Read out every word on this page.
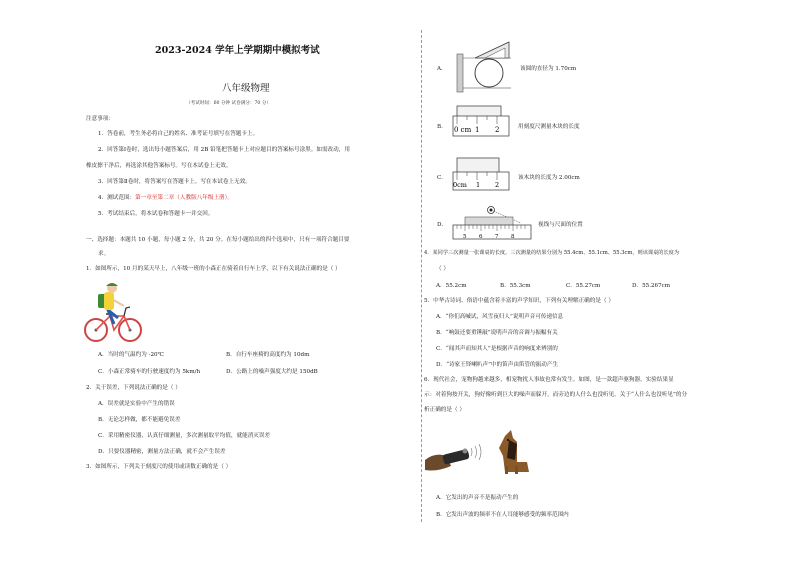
2023-2024 学年上学期期中模拟考试
八年级物理
（考试时间：60 分钟 试卷满分：70 分）
注意事项：
1．答卷前，考生务必将自己的姓名、准考证号填写在答题卡上。
2．回答第Ⅰ卷时，选出每小题答案后，用 2B 铅笔把答题卡上对应题目的答案标号涂黑。如需改动，用
橡皮擦干净后，再选涂其他答案标号。写在本试卷上无效。
3．回答第Ⅱ卷时，将答案写在答题卡上。写在本试卷上无效。
4．测试范围：第一章至第二章（人教版八年级上册）。
5．考试结束后，将本试卷和答题卡一并交回。
一、选择题：本题共 10 小题，每小题 2 分，共 20 分。在每小题给出的四个选项中，只有一项符合题目要
求。
1．如图所示，10 月的某天早上，八年级一班的小森正在骑着自行车上学，以下有关说法正确的是（ ）
A．当时的气温约为 -20℃	B．自行车座椅的高度约为 10dm
C．小森正常骑车的行驶速度约为 5km/h	D．公路上的噪声强度大约是 150dB
2．关于误差，下列说法正确的是（ ）
A．误差就是实验中产生的错误
B．无论怎样做，都不能避免误差
C．采用精密仪器，认真仔细测量，多次测量取平均值，就能消灭误差
D．只要仪器精密，测量方法正确，就不会产生误差
3．如图所示，下列关于刻度尺的使用或读数正确的是（ ）
A．	该圆的直径为 1.70cm
B． 0 cm 1 2	用刻度尺测量木块的长度
C．
0cm 1 2
该木块的长度为 2.00cm
D．
5 6 7 8
视线与尺面的位置
4．某同学三次测量一张课桌的长度，三次测量的结果分别为 55.4cm、55.1cm、55.3cm，则该课桌的长度为
（ ）
A．55.2cm	B．55.3cm	C．55.27cm	D．55.267cm
5．中华古诗词、俗语中蕴含着丰富的声学知识，下列有关理解正确的是（ ）
A．“你们高喊试，风雪夜归人”说明声音可传递信息
B．“响鼓还要重锤敲”说明声音的音调与振幅有关
C．“闻其声而知其人”是根据声音的响度来辨别的
D．“诗家王铎喇叭声”中的笛声由笛管的振动产生
6．现代社会，宠物狗越来越多，相宠物扰人事故也常有发生。如图，是一款超声驱狗器，实验结果显
示：对着狗按开关，狗好像听到巨大的噪声而躲开，而旁边的人什么也没听见。关于“人什么也没听见”的分
析正确的是（ ）
A．它发出的声音不是振动产生的
B．它发出声波的频率不在人耳能够感受的频率范围内
